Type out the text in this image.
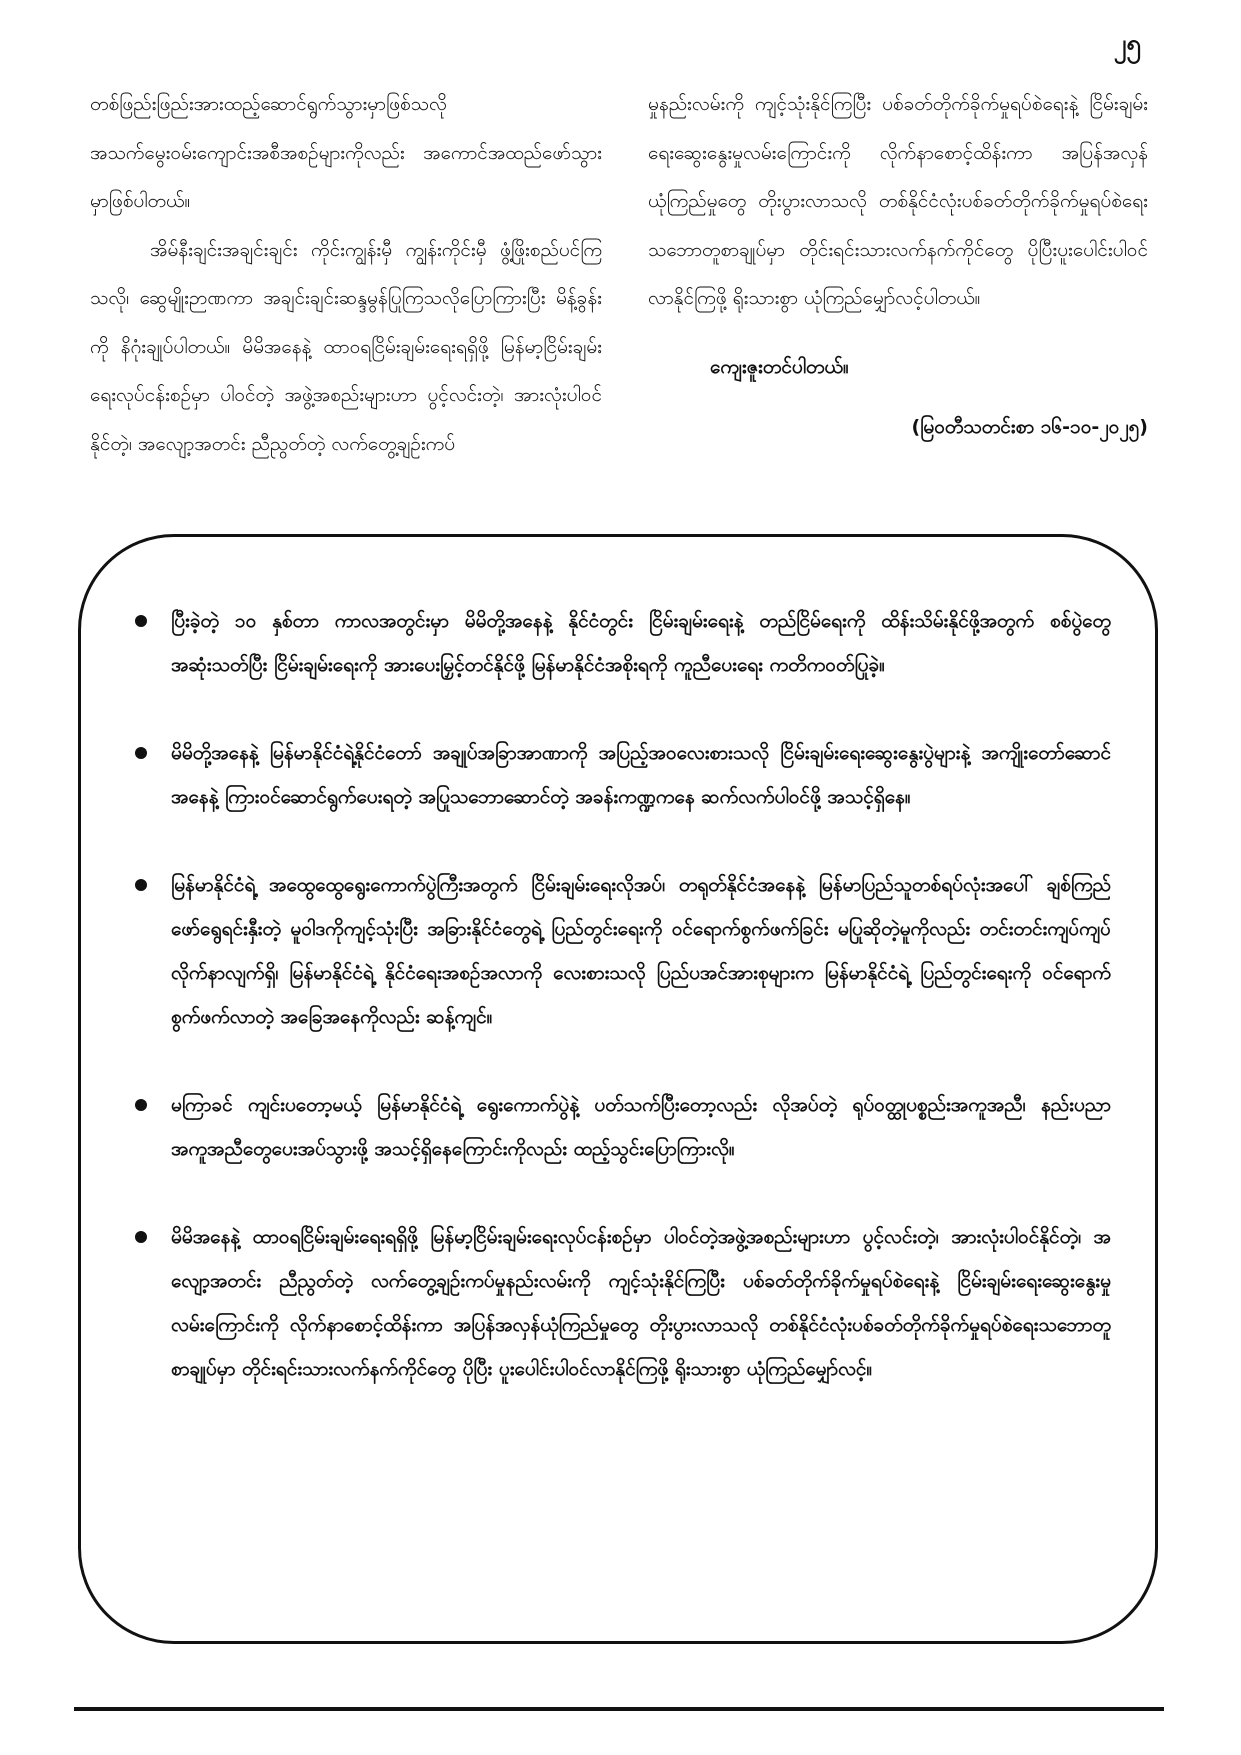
၂၅

တစ်ဖြည်းဖြည်းအားထည့်ဆောင်ရွက်သွားမှာဖြစ်သလို အသက်မွေးဝမ်းကျောင်းအစီအစဉ်များကိုလည်း အကောင်အထည်ဖော်သွားမှာဖြစ်ပါတယ်။

အိမ်နီးချင်းအချင်းချင်း ကိုင်းကျွန်းမှီ ကျွန်းကိုင်းမှီ ဖွံ့ဖြိုးစည်ပင်ကြသလို၊ ဆွေမျိုးဉာဏကာ အချင်းချင်းဆန္ဒမွန်ပြုကြသလိုပြောကြားပြီး မိန့်ခွန်းကို နိဂုံးချုပ်ပါတယ်။ မိမိအနေနဲ့ ထာဝရငြိမ်းချမ်းရေးရရှိဖို့ မြန်မာ့ငြိမ်းချမ်းရေးလုပ်ငန်းစဉ်မှာ ပါဝင်တဲ့ အဖွဲ့အစည်းများဟာ ပွင့်လင်းတဲ့၊ အားလုံးပါဝင်နိုင်တဲ့၊ အလျော့အတင်း ညီညွတ်တဲ့ လက်တွေ့ချဉ်းကပ်

မှုနည်းလမ်းကို ကျင့်သုံးနိုင်ကြပြီး ပစ်ခတ်တိုက်ခိုက်မှုရပ်စဲရေးနဲ့ ငြိမ်းချမ်းရေးဆွေးနွေးမှုလမ်းကြောင်းကို လိုက်နာစောင့်ထိန်းကာ အပြန်အလှန်ယုံကြည်မှုတွေ တိုးပွားလာသလို တစ်နိုင်ငံလုံးပစ်ခတ်တိုက်ခိုက်မှုရပ်စဲရေးသဘောတူစာချုပ်မှာ တိုင်းရင်းသားလက်နက်ကိုင်တွေ ပိုပြီးပူးပေါင်းပါဝင်လာနိုင်ကြဖို့ ရိုးသားစွာ ယုံကြည်မျှော်လင့်ပါတယ်။

ကျေးဇူးတင်ပါတယ်။

(မြဝတီသတင်းစာ ၁၆-၁၀-၂၀၂၅)

ပြီးခဲ့တဲ့ ၁၀ နှစ်တာ ကာလအတွင်းမှာ မိမိတို့အနေနဲ့ နိုင်ငံတွင်း ငြိမ်းချမ်းရေးနဲ့ တည်ငြိမ်ရေးကို ထိန်းသိမ်းနိုင်ဖို့အတွက် စစ်ပွဲတွေ အဆုံးသတ်ပြီး ငြိမ်းချမ်းရေးကို အားပေးမြှင့်တင်နိုင်ဖို့ မြန်မာနိုင်ငံအစိုးရကို ကူညီပေးရေး ကတိကဝတ်ပြုခဲ့။
မိမိတို့အနေနဲ့ မြန်မာနိုင်ငံရဲ့နိုင်ငံတော် အချုပ်အခြာအာဏာကို အပြည့်အဝလေးစားသလို ငြိမ်းချမ်းရေးဆွေးနွေးပွဲများနဲ့ အကျိုးတော်ဆောင်အနေနဲ့ ကြားဝင်ဆောင်ရွက်ပေးရတဲ့ အပြုသဘောဆောင်တဲ့ အခန်းကဏ္ဍကနေ ဆက်လက်ပါဝင်ဖို့ အသင့်ရှိနေ။
မြန်မာနိုင်ငံရဲ့ အထွေထွေရွေးကောက်ပွဲကြီးအတွက် ငြိမ်းချမ်းရေးလိုအပ်၊ တရုတ်နိုင်ငံအနေနဲ့ မြန်မာပြည်သူတစ်ရပ်လုံးအပေါ် ချစ်ကြည်ဖော်ရွေရင်းနှီးတဲ့ မူဝါဒကိုကျင့်သုံးပြီး အခြားနိုင်ငံတွေရဲ့ ပြည်တွင်းရေးကို ဝင်ရောက်စွက်ဖက်ခြင်း မပြုဆိုတဲ့မူကိုလည်း တင်းတင်းကျပ်ကျပ် လိုက်နာလျက်ရှိ၊ မြန်မာနိုင်ငံရဲ့ နိုင်ငံရေးအစဉ်အလာကို လေးစားသလို ပြည်ပအင်အားစုများက မြန်မာနိုင်ငံရဲ့ ပြည်တွင်းရေးကို ဝင်ရောက်စွက်ဖက်လာတဲ့ အခြေအနေကိုလည်း ဆန့်ကျင်။
မကြာခင် ကျင်းပတော့မယ့် မြန်မာနိုင်ငံရဲ့ ရွေးကောက်ပွဲနဲ့ ပတ်သက်ပြီးတော့လည်း လိုအပ်တဲ့ ရုပ်ဝတ္ထုပစ္စည်းအကူအညီ၊ နည်းပညာအကူအညီတွေပေးအပ်သွားဖို့ အသင့်ရှိနေကြောင်းကိုလည်း ထည့်သွင်းပြောကြားလို။
မိမိအနေနဲ့ ထာဝရငြိမ်းချမ်းရေးရရှိဖို့ မြန်မာ့ငြိမ်းချမ်းရေးလုပ်ငန်းစဉ်မှာ ပါဝင်တဲ့အဖွဲ့အစည်းများဟာ ပွင့်လင်းတဲ့၊ အားလုံးပါဝင်နိုင်တဲ့၊ အလျော့အတင်း ညီညွတ်တဲ့ လက်တွေ့ချဉ်းကပ်မှုနည်းလမ်းကို ကျင့်သုံးနိုင်ကြပြီး ပစ်ခတ်တိုက်ခိုက်မှုရပ်စဲရေးနဲ့ ငြိမ်းချမ်းရေးဆွေးနွေးမှု လမ်းကြောင်းကို လိုက်နာစောင့်ထိန်းကာ အပြန်အလှန်ယုံကြည်မှုတွေ တိုးပွားလာသလို တစ်နိုင်ငံလုံးပစ်ခတ်တိုက်ခိုက်မှုရပ်စဲရေးသဘောတူစာချုပ်မှာ တိုင်းရင်းသားလက်နက်ကိုင်တွေ ပိုပြီး ပူးပေါင်းပါဝင်လာနိုင်ကြဖို့ ရိုးသားစွာ ယုံကြည်မျှော်လင့်။
